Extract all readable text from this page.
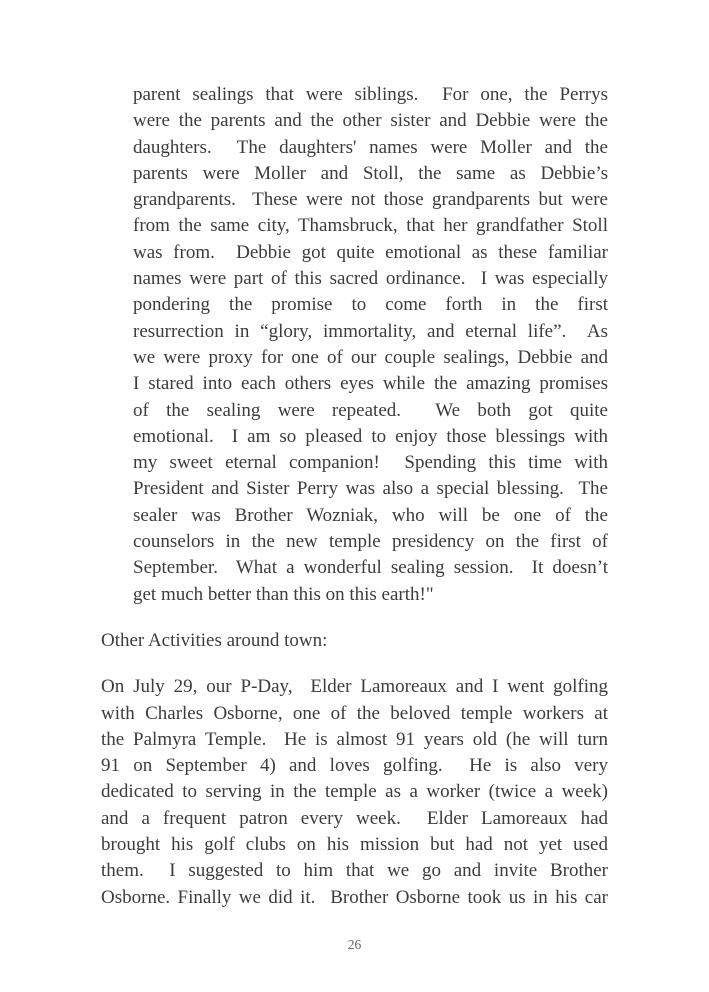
parent sealings that were siblings.  For one, the Perrys
were the parents and the other sister and Debbie were the
daughters.  The daughters' names were Moller and the
parents were Moller and Stoll, the same as Debbie’s
grandparents.  These were not those grandparents but were
from the same city, Thamsbruck, that her grandfather Stoll
was from.  Debbie got quite emotional as these familiar
names were part of this sacred ordinance.  I was especially
pondering the promise to come forth in the first
resurrection in “glory, immortality, and eternal life”.  As
we were proxy for one of our couple sealings, Debbie and
I stared into each others eyes while the amazing promises
of the sealing were repeated.  We both got quite
emotional.  I am so pleased to enjoy those blessings with
my sweet eternal companion!  Spending this time with
President and Sister Perry was also a special blessing.  The
sealer was Brother Wozniak, who will be one of the
counselors in the new temple presidency on the first of
September.  What a wonderful sealing session.  It doesn’t
get much better than this on this earth!"
Other Activities around town:
On July 29, our P-Day,  Elder Lamoreaux and I went golfing
with Charles Osborne, one of the beloved temple workers at
the Palmyra Temple.  He is almost 91 years old (he will turn
91 on September 4) and loves golfing.  He is also very
dedicated to serving in the temple as a worker (twice a week)
and a frequent patron every week.  Elder Lamoreaux had
brought his golf clubs on his mission but had not yet used
them.  I suggested to him that we go and invite Brother
Osborne. Finally we did it.  Brother Osborne took us in his car
26
